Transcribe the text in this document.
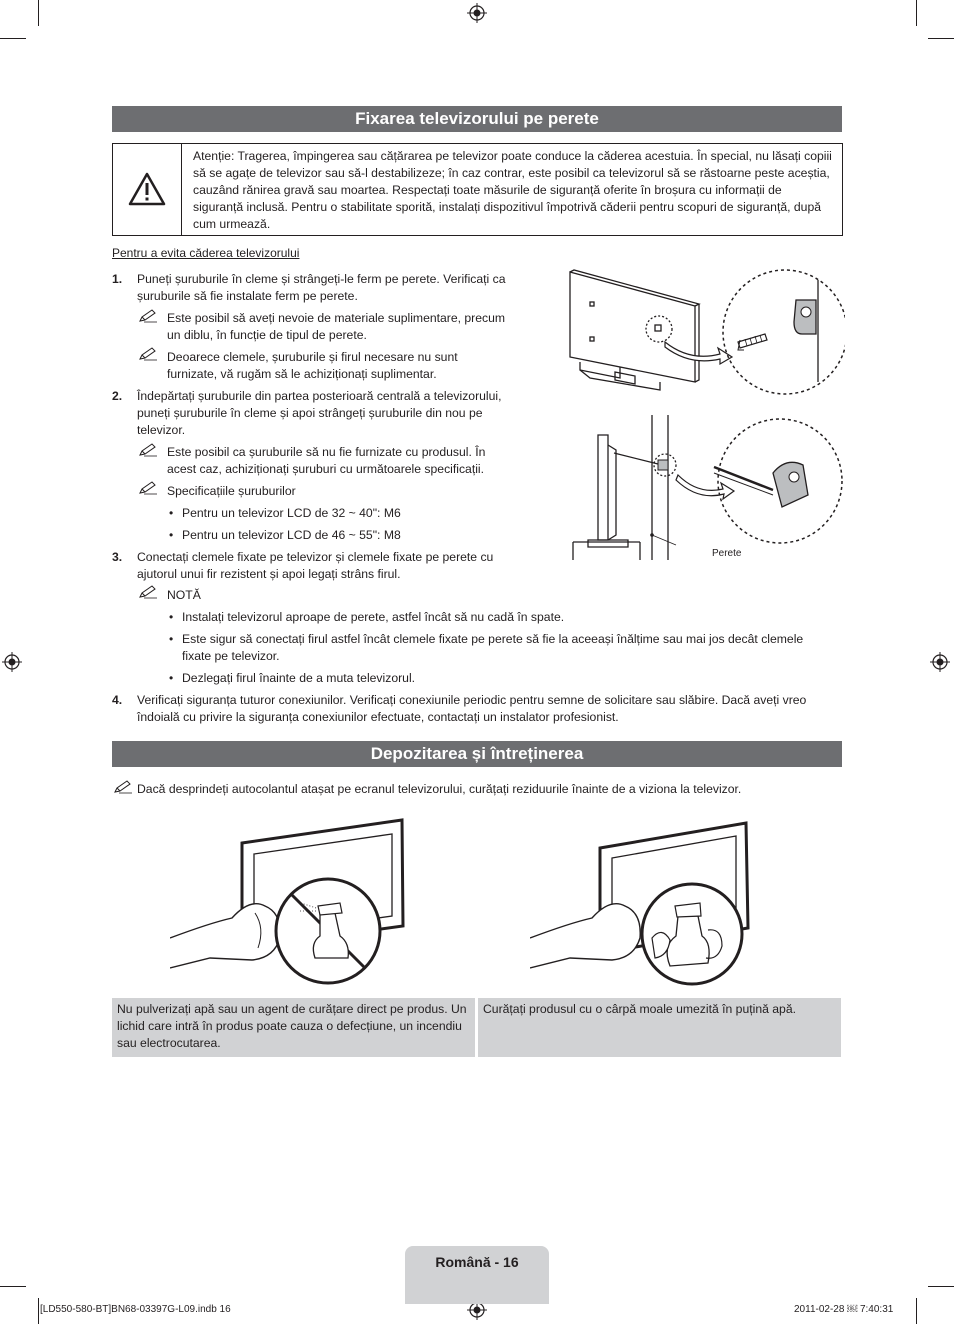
Fixarea televizorului pe perete
Atenție: Tragerea, împingerea sau cățărarea pe televizor poate conduce la căderea acestuia. În special, nu lăsați copiii să se agațe de televizor sau să-l destabilizeze; în caz contrar, este posibil ca televizorul să se răstoarne peste aceștia, cauzând rănirea gravă sau moartea. Respectați toate măsurile de siguranță oferite în broșura cu informații de siguranță inclusă. Pentru o stabilitate sporită, instalați dispozitivul împotrivă căderii pentru scopuri de siguranță, după cum urmează.
Pentru a evita căderea televizorului
1. Puneți șuruburile în cleme și strângeți-le ferm pe perete. Verificați ca șuruburile să fie instalate ferm pe perete.
Este posibil să aveți nevoie de materiale suplimentare, precum un diblu, în funcție de tipul de perete.
Deoarece clemele, șuruburile și firul necesare nu sunt furnizate, vă rugăm să le achiziționați suplimentar.
2. Îndepărtați șuruburile din partea posterioară centrală a televizorului, puneți șuruburile în cleme și apoi strângeți șuruburile din nou pe televizor.
Este posibil ca șuruburile să nu fie furnizate cu produsul. În acest caz, achiziționați șuruburi cu următoarele specificații.
Specificațiile șuruburilor
• Pentru un televizor LCD de 32 ~ 40": M6
• Pentru un televizor LCD de 46 ~ 55": M8
3. Conectați clemele fixate pe televizor și clemele fixate pe perete cu ajutorul unui fir rezistent și apoi legați strâns firul.
NOTĂ
• Instalați televizorul aproape de perete, astfel încât să nu cadă în spate.
• Este sigur să conectați firul astfel încât clemele fixate pe perete să fie la aceeași înălțime sau mai jos decât clemele fixate pe televizor.
• Dezlegați firul înainte de a muta televizorul.
4. Verificați siguranța tuturor conexiunilor. Verificați conexiunile periodic pentru semne de solicitare sau slăbire. Dacă aveți vreo îndoială cu privire la siguranța conexiunilor efectuate, contactați un instalator profesionist.
Perete
Depozitarea și întreținerea
Dacă desprindeți autocolantul atașat pe ecranul televizorului, curățați reziduurile înainte de a viziona la televizor.
Nu pulverizați apă sau un agent de curățare direct pe produs. Un lichid care intră în produs poate cauza o defecțiune, un incendiu sau electrocutarea.
Curățați produsul cu o cârpă moale umezită în puțină apă.
Română - 16
[LD550-580-BT]BN68-03397G-L09.indb 16	2011-02-28 ￼ 7:40:31
